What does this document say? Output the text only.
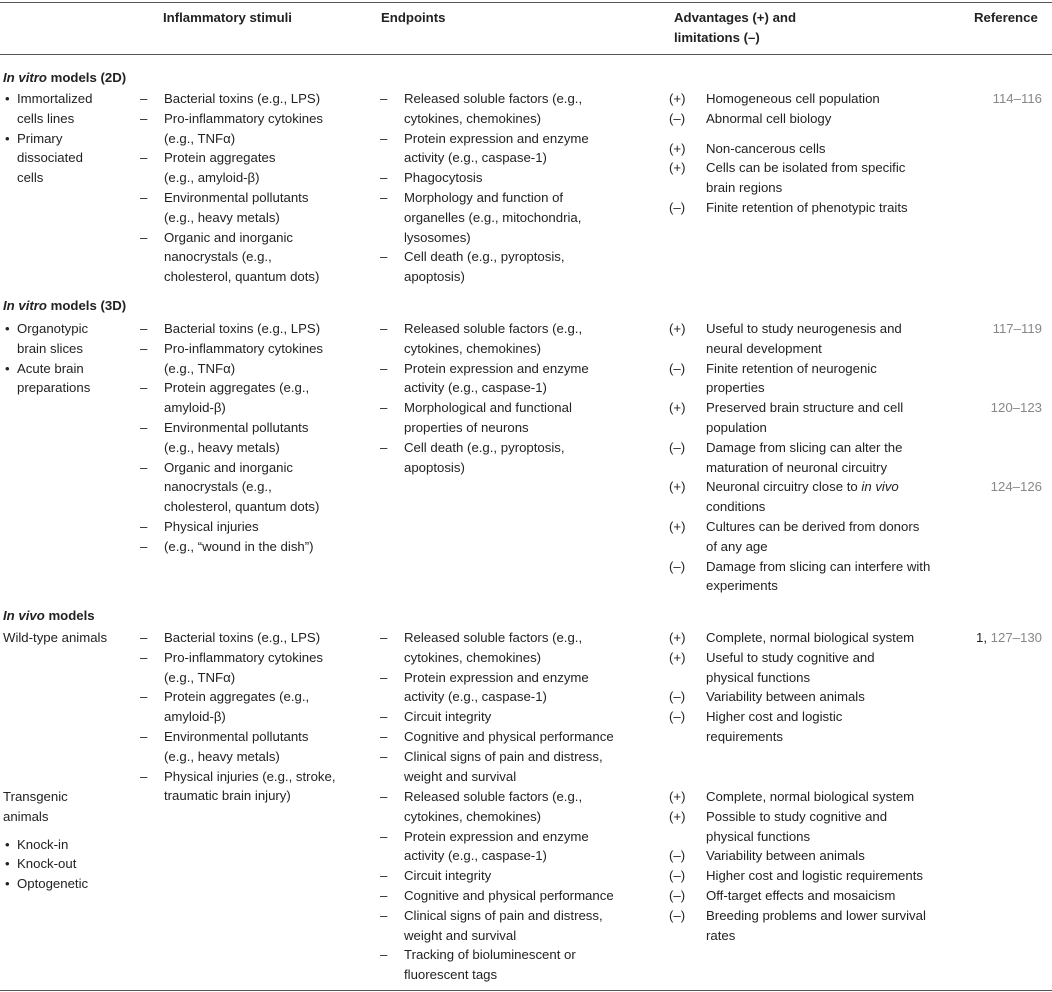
Inflammatory stimuli	Endpoints	Advantages (+) and
limitations (–)
Reference
In vitro models (2D)
• Immortalized
cells lines
• Primary
dissociated
cells
– Bacterial toxins (e.g., LPS)
– Pro-inflammatory cytokines
(e.g., TNFα)
– Protein aggregates
(e.g., amyloid-β)
– Environmental pollutants
(e.g., heavy metals)
– Organic and inorganic
nanocrystals (e.g.,
cholesterol, quantum dots)
– Released soluble factors (e.g.,
cytokines, chemokines)
– Protein expression and enzyme
activity (e.g., caspase-1)
– Phagocytosis
– Morphology and function of
organelles (e.g., mitochondria,
lysosomes)
– Cell death (e.g., pyroptosis,
apoptosis)
(+) Homogeneous cell population
(–) Abnormal cell biology
(+) Non-cancerous cells
(+) Cells can be isolated from specific
brain regions
(–) Finite retention of phenotypic traits
114–116
In vitro models (3D)
• Organotypic
brain slices
• Acute brain
preparations
– Bacterial toxins (e.g., LPS)
– Pro-inflammatory cytokines
(e.g., TNFα)
– Protein aggregates (e.g.,
amyloid-β)
– Environmental pollutants
(e.g., heavy metals)
– Organic and inorganic
nanocrystals (e.g.,
cholesterol, quantum dots)
– Physical injuries
– (e.g., “wound in the dish”)
– Released soluble factors (e.g.,
cytokines, chemokines)
– Protein expression and enzyme
activity (e.g., caspase-1)
– Morphological and functional
properties of neurons
– Cell death (e.g., pyroptosis,
apoptosis)
(+) Useful to study neurogenesis and
neural development
(–) Finite retention of neurogenic
properties
(+) Preserved brain structure and cell
population
(–) Damage from slicing can alter the
maturation of neuronal circuitry
(+) Neuronal circuitry close to in vivo
conditions
(+) Cultures can be derived from donors
of any age
(–) Damage from slicing can interfere with
experiments
117–119
120–123
124–126
In vivo models
Wild-type animals
Transgenic
animals
• Knock-in
• Knock-out
• Optogenetic
– Bacterial toxins (e.g., LPS)
– Pro-inflammatory cytokines
(e.g., TNFα)
– Protein aggregates (e.g.,
amyloid-β)
– Environmental pollutants
(e.g., heavy metals)
– Physical injuries (e.g., stroke,
traumatic brain injury)
– Released soluble factors (e.g.,
cytokines, chemokines)
– Protein expression and enzyme
activity (e.g., caspase-1)
– Circuit integrity
– Cognitive and physical performance
– Clinical signs of pain and distress,
weight and survival
– Released soluble factors (e.g.,
cytokines, chemokines)
– Protein expression and enzyme
activity (e.g., caspase-1)
– Circuit integrity
– Cognitive and physical performance
– Clinical signs of pain and distress,
weight and survival
– Tracking of bioluminescent or
fluorescent tags
(+) Complete, normal biological system
(+) Useful to study cognitive and
physical functions
(–) Variability between animals
(–) Higher cost and logistic
requirements
(+) Complete, normal biological system
(+) Possible to study cognitive and
physical functions
(–) Variability between animals
(–) Higher cost and logistic requirements
(–) Off-target effects and mosaicism
(–) Breeding problems and lower survival
rates
1, 127–130
